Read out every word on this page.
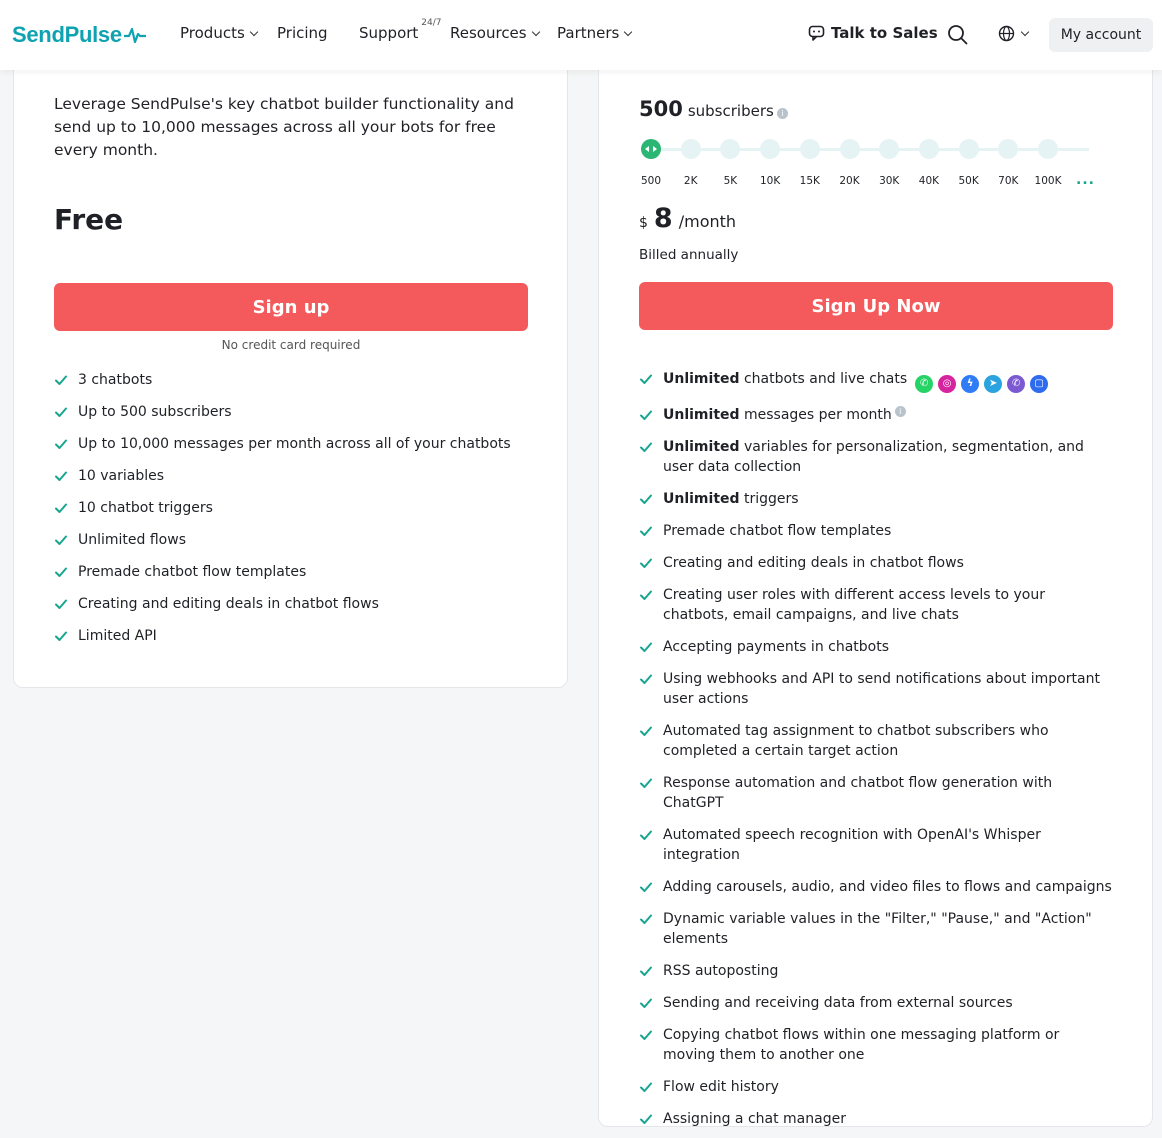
SendPulse	Products Pricing Support
$^{24/7}$
Resources Partners	Talk to Sales	My account
Leverage SendPulse's key chatbot builder functionality and send up to 10,000 messages across all your bots for free every month.
Free
Sign up
No credit card required
3 chatbots
Up to 500 subscribers
Up to 10,000 messages per month across all of your chatbots
10 variables
10 chatbot triggers
Unlimited flows
Premade chatbot flow templates
Creating and editing deals in chatbot flows
Limited API
500 subscribers i
500	2K	5K	10K	15K	20K	30K	40K	50K	70K	100K	...
$ 8 /month
Billed annually
Sign Up Now
Unlimited chatbots and live chats	✆	◎	ϟ	➤	✆	▢
Unlimited messages per month i
Unlimited variables for personalization, segmentation, and user data collection
Unlimited triggers
Premade chatbot flow templates
Creating and editing deals in chatbot flows
Creating user roles with different access levels to your chatbots, email campaigns, and live chats
Accepting payments in chatbots
Using webhooks and API to send notifications about important user actions
Automated tag assignment to chatbot subscribers who completed a certain target action
Response automation and chatbot flow generation with ChatGPT
Automated speech recognition with OpenAI's Whisper integration
Adding carousels, audio, and video files to flows and campaigns
Dynamic variable values in the "Filter," "Pause," and "Action" elements
RSS autoposting
Sending and receiving data from external sources
Copying chatbot flows within one messaging platform or moving them to another one
Flow edit history
Assigning a chat manager
